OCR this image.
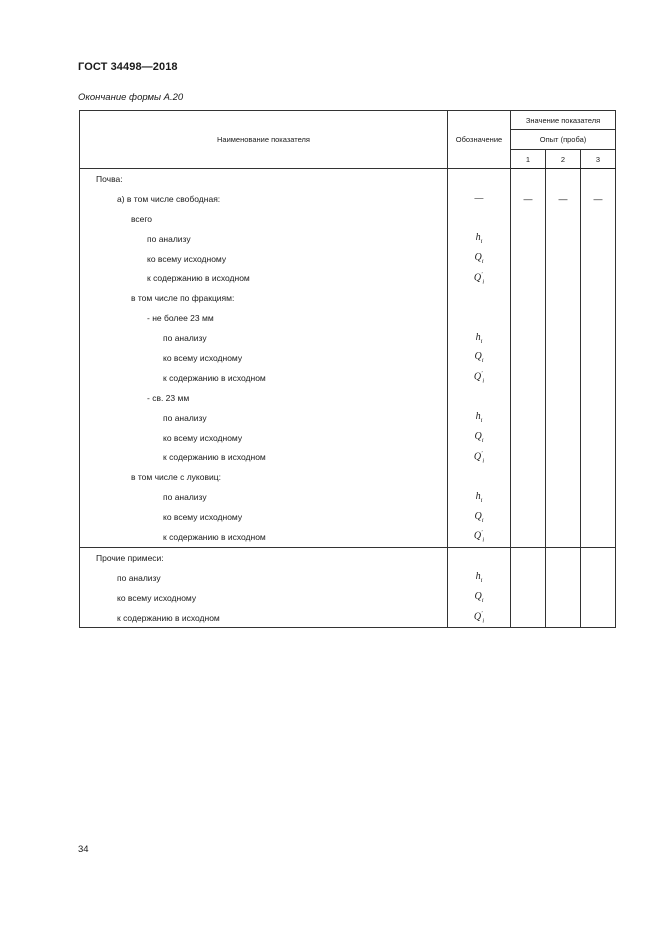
ГОСТ 34498—2018
Окончание формы А.20
Наименование показателя	Обозначение	Значение показателя		
		Опыт (проба)		
		1	2	3
Почва:				
а) в том числе свободная:	—	—	—	—
всего				
по анализу	$h_i$			
ко всему исходному	$Q_i$			
к содержанию в исходном	$Q'_i$			
в том числе по фракциям:				
- не более 23 мм				
по анализу	$h_i$			
ко всему исходному	$Q_i$			
к содержанию в исходном	$Q'_i$			
- св. 23 мм				
по анализу	$h_i$			
ко всему исходному	$Q_i$			
к содержанию в исходном	$Q'_i$			
в том числе с луковиц:				
по анализу	$h_i$			
ко всему исходному	$Q_i$			
к содержанию в исходном	$Q'_i$			
Прочие примеси:				
по анализу	$h_i$			
ко всему исходному	$Q_i$			
к содержанию в исходном	$Q'_i$			
34
